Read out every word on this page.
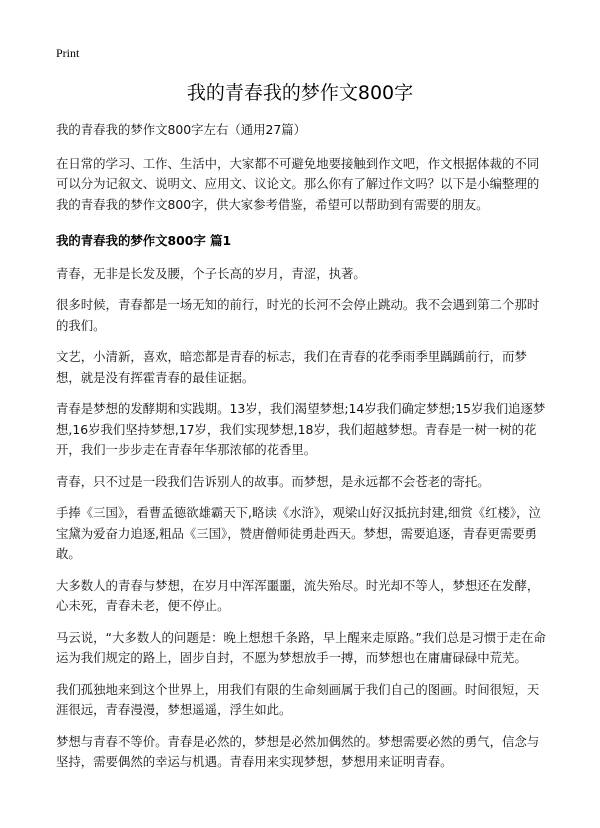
Print
我的青春我的梦作文800字

我的青春我的梦作文800字左右（通用27篇）

在日常的学习、工作、生活中，大家都不可避免地要接触到作文吧，作文根据体裁的不同可以分为记叙文、说明文、应用文、议论文。那么你有了解过作文吗？以下是小编整理的我的青春我的梦作文800字，供大家参考借鉴，希望可以帮助到有需要的朋友。

我的青春我的梦作文800字 篇1

青春，无非是长发及腰，个子长高的岁月，青涩，执著。

很多时候，青春都是一场无知的前行，时光的长河不会停止跳动。我不会遇到第二个那时的我们。

文艺，小清新，喜欢，暗恋都是青春的标志，我们在青春的花季雨季里踽踽前行，而梦想，就是没有挥霍青春的最佳证据。

青春是梦想的发酵期和实践期。13岁，我们渴望梦想;14岁我们确定梦想;15岁我们追逐梦想,16岁我们坚持梦想,17岁，我们实现梦想,18岁，我们超越梦想。青春是一树一树的花开，我们一步步走在青春年华那浓郁的花香里。

青春，只不过是一段我们告诉别人的故事。而梦想，是永远都不会苍老的寄托。

手捧《三国》，看曹孟德欲雄霸天下,略读《水浒》，观梁山好汉抵抗封建,细赏《红楼》，泣宝黛为爱奋力追逐,粗品《三国》，赞唐僧师徒勇赴西天。梦想，需要追逐，青春更需要勇敢。

大多数人的青春与梦想，在岁月中浑浑噩噩，流失殆尽。时光却不等人，梦想还在发酵，心未死，青春未老，便不停止。

马云说，“大多数人的问题是：晚上想想千条路，早上醒来走原路。”我们总是习惯于走在命运为我们规定的路上，固步自封，不愿为梦想放手一搏，而梦想也在庸庸碌碌中荒芜。

我们孤独地来到这个世界上，用我们有限的生命刻画属于我们自己的图画。时间很短，天涯很远，青春漫漫，梦想遥遥，浮生如此。

梦想与青春不等价。青春是必然的，梦想是必然加偶然的。梦想需要必然的勇气，信念与坚持，需要偶然的幸运与机遇。青春用来实现梦想，梦想用来证明青春。
